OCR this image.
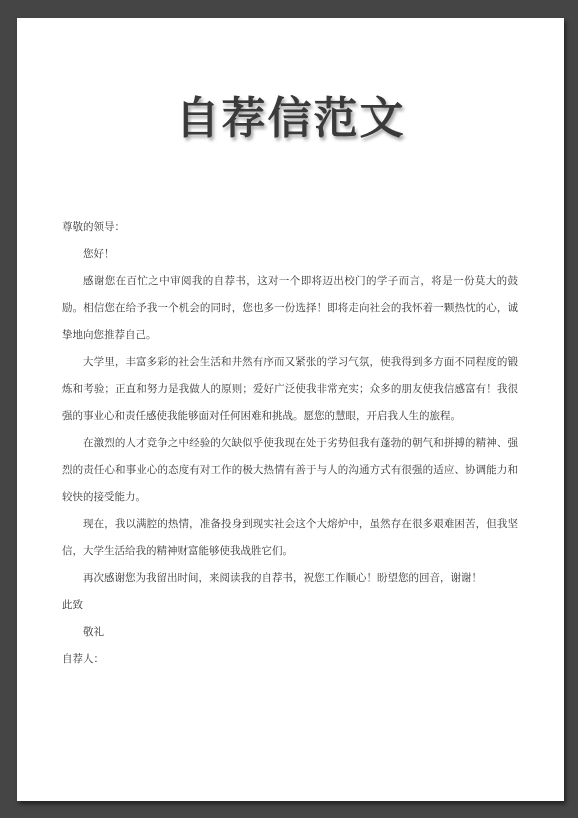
自荐信范文

尊敬的领导：

您好！

感谢您在百忙之中审阅我的自荐书，这对一个即将迈出校门的学子而言，将是一份莫大的鼓励。相信您在给予我一个机会的同时，您也多一份选择！即将走向社会的我怀着一颗热忱的心，诚挚地向您推荐自己。

大学里，丰富多彩的社会生活和井然有序而又紧张的学习气氛，使我得到多方面不同程度的锻炼和考验；正直和努力是我做人的原则；爱好广泛使我非常充实；众多的朋友使我信感富有！我很强的事业心和责任感使我能够面对任何困难和挑战。愿您的慧眼，开启我人生的旅程。

在激烈的人才竞争之中经验的欠缺似乎使我现在处于劣势但我有蓬勃的朝气和拼搏的精神、强烈的责任心和事业心的态度有对工作的极大热情有善于与人的沟通方式有很强的适应、协调能力和较快的接受能力。

现在，我以满腔的热情，准备投身到现实社会这个大熔炉中，虽然存在很多艰难困苦，但我坚信，大学生活给我的精神财富能够使我战胜它们。

再次感谢您为我留出时间，来阅读我的自荐书，祝您工作顺心！盼望您的回音，谢谢！

此致

敬礼

自荐人：
